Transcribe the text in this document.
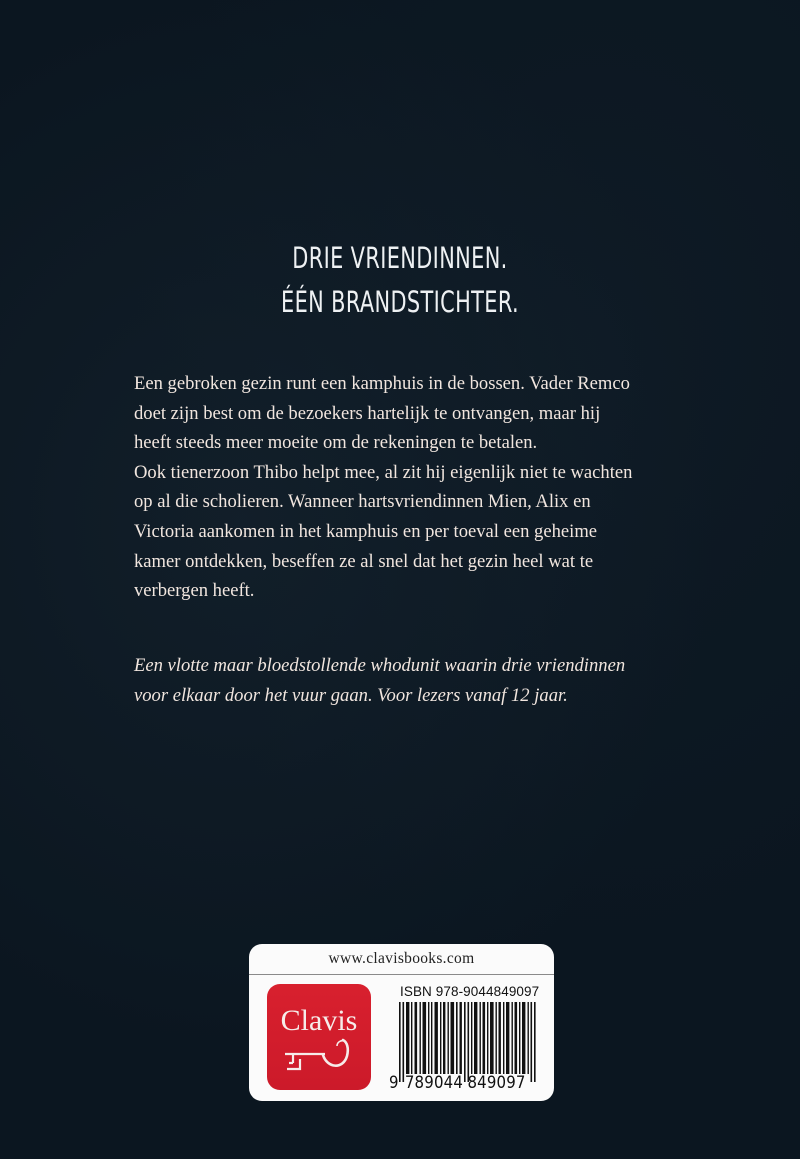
DRIE VRIENDINNEN.
ÉÉN BRANDSTICHTER.
Een gebroken gezin runt een kamphuis in de bossen. Vader Remco
doet zijn best om de bezoekers hartelijk te ontvangen, maar hij
heeft steeds meer moeite om de rekeningen te betalen.
Ook tienerzoon Thibo helpt mee, al zit hij eigenlijk niet te wachten
op al die scholieren. Wanneer hartsvriendinnen Mien, Alix en
Victoria aankomen in het kamphuis en per toeval een geheime
kamer ontdekken, beseffen ze al snel dat het gezin heel wat te
verbergen heeft.
Een vlotte maar bloedstollende whodunit waarin drie vriendinnen
voor elkaar door het vuur gaan. Voor lezers vanaf 12 jaar.
www.clavisbooks.com
Clavis
ISBN 978-9044849097
9 789044 849097
